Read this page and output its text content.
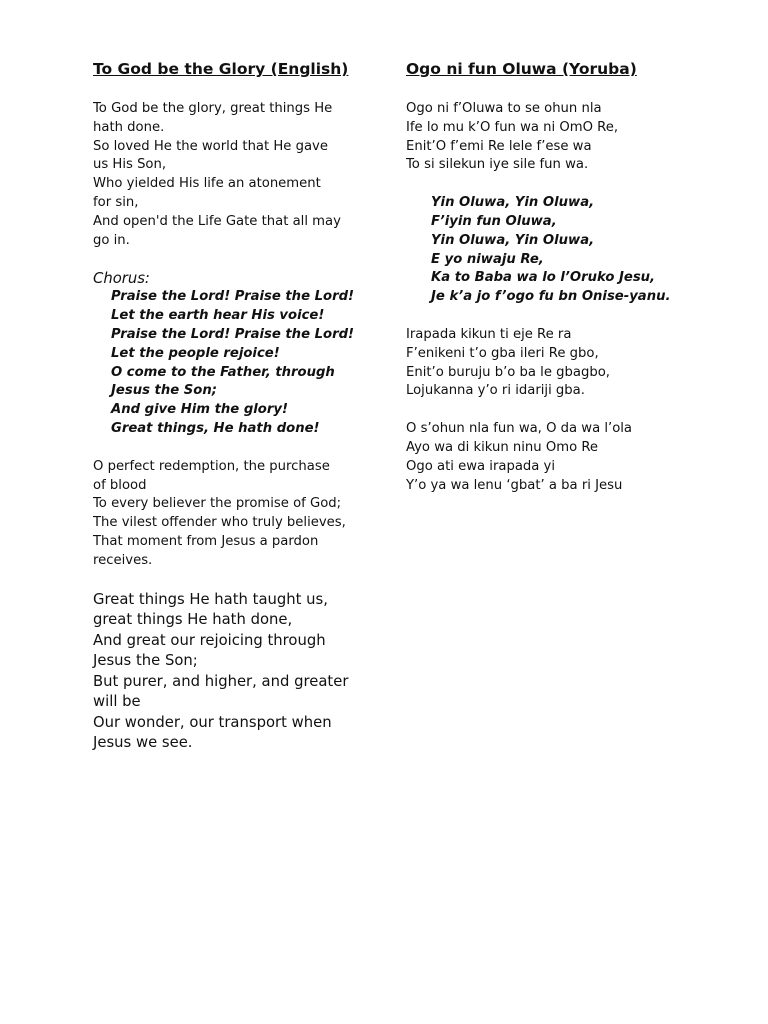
To God be the Glory (English)
To God be the glory, great things He
hath done.
So loved He the world that He gave
us His Son,
Who yielded His life an atonement
for sin,
And open'd the Life Gate that all may
go in.
Chorus:
Praise the Lord! Praise the Lord!
Let the earth hear His voice!
Praise the Lord! Praise the Lord!
Let the people rejoice!
O come to the Father, through
Jesus the Son;
And give Him the glory!
Great things, He hath done!
O perfect redemption, the purchase
of blood
To every believer the promise of God;
The vilest offender who truly believes,
That moment from Jesus a pardon
receives.
Great things He hath taught us,
great things He hath done,
And great our rejoicing through
Jesus the Son;
But purer, and higher, and greater
will be
Our wonder, our transport when
Jesus we see.
Ogo ni fun Oluwa (Yoruba)
Ogo ni f’Oluwa to se ohun nla
Ife lo mu k’O fun wa ni OmO Re,
Enit’O f’emi Re lele f’ese wa
To si silekun iye sile fun wa.
Yin Oluwa, Yin Oluwa,
F’iyin fun Oluwa,
Yin Oluwa, Yin Oluwa,
E yo niwaju Re,
Ka to Baba wa lo l’Oruko Jesu,
Je k’a jo f’ogo fu bn Onise-yanu.
Irapada kikun ti eje Re ra
F’enikeni t’o gba ileri Re gbo,
Enit’o buruju b’o ba le gbagbo,
Lojukanna y’o ri idariji gba.
O s’ohun nla fun wa, O da wa l’ola
Ayo wa di kikun ninu Omo Re
Ogo ati ewa irapada yi
Y’o ya wa lenu ‘gbat’ a ba ri Jesu
